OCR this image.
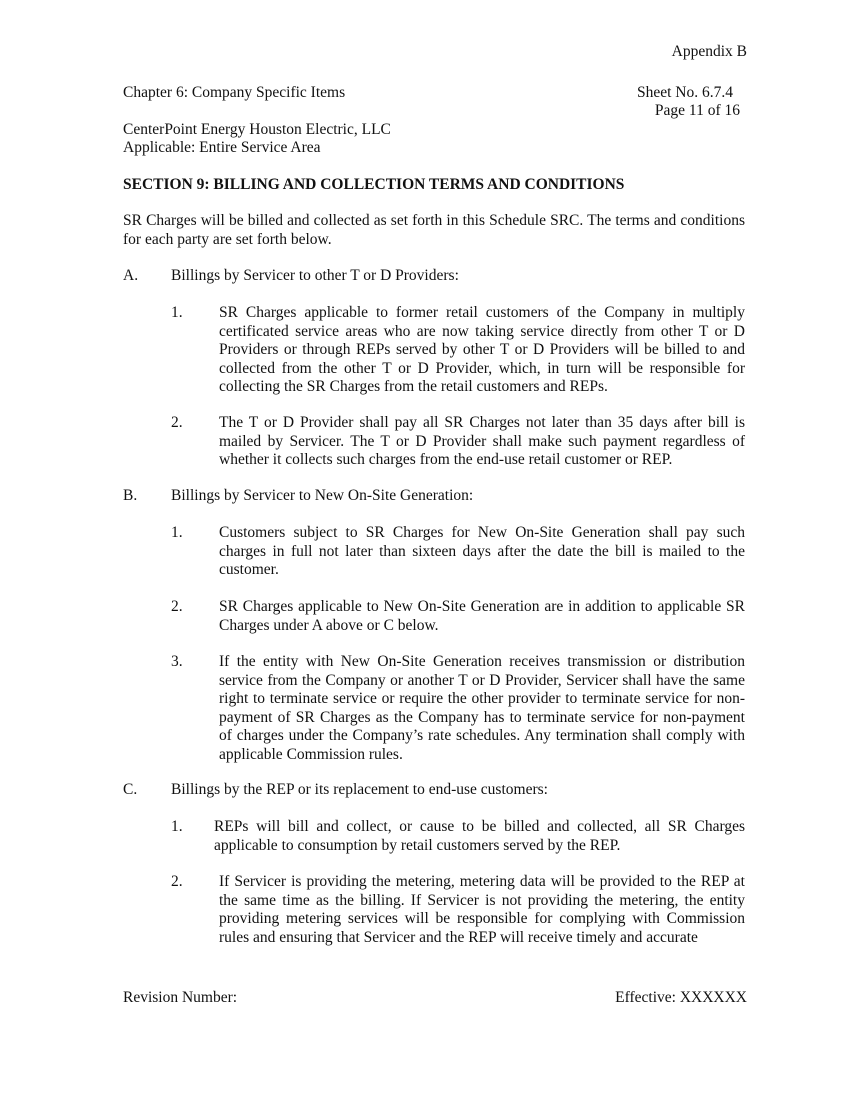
Appendix B
Chapter 6: Company Specific Items	Sheet No. 6.7.4
Page 11 of 16
CenterPoint Energy Houston Electric, LLC
Applicable: Entire Service Area
SECTION 9: BILLING AND COLLECTION TERMS AND CONDITIONS
SR Charges will be billed and collected as set forth in this Schedule SRC. The terms and conditions for each party are set forth below.
A. Billings by Servicer to other T or D Providers:
1. SR Charges applicable to former retail customers of the Company in multiply certificated service areas who are now taking service directly from other T or D Providers or through REPs served by other T or D Providers will be billed to and collected from the other T or D Provider, which, in turn will be responsible for collecting the SR Charges from the retail customers and REPs.
2. The T or D Provider shall pay all SR Charges not later than 35 days after bill is mailed by Servicer. The T or D Provider shall make such payment regardless of whether it collects such charges from the end-use retail customer or REP.
B. Billings by Servicer to New On-Site Generation:
1. Customers subject to SR Charges for New On-Site Generation shall pay such charges in full not later than sixteen days after the date the bill is mailed to the customer.
2. SR Charges applicable to New On-Site Generation are in addition to applicable SR Charges under A above or C below.
3. If the entity with New On-Site Generation receives transmission or distribution service from the Company or another T or D Provider, Servicer shall have the same right to terminate service or require the other provider to terminate service for non-payment of SR Charges as the Company has to terminate service for non-payment of charges under the Company’s rate schedules. Any termination shall comply with applicable Commission rules.
C. Billings by the REP or its replacement to end-use customers:
1. REPs will bill and collect, or cause to be billed and collected, all SR Charges applicable to consumption by retail customers served by the REP.
2. If Servicer is providing the metering, metering data will be provided to the REP at the same time as the billing. If Servicer is not providing the metering, the entity providing metering services will be responsible for complying with Commission rules and ensuring that Servicer and the REP will receive timely and accurate
Revision Number:	Effective: XXXXXX
